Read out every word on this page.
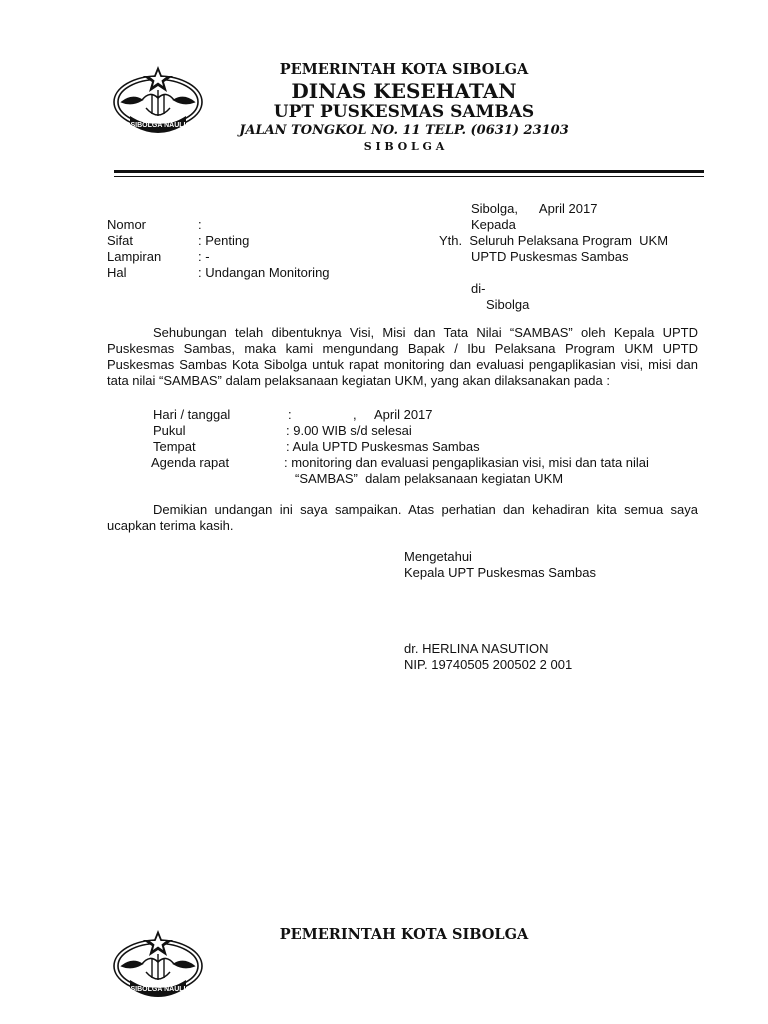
SIBOLGA NAULI
PEMERINTAH KOTA SIBOLGA
DINAS KESEHATAN
UPT PUSKESMAS SAMBAS
JALAN TONGKOL NO. 11 TELP. (0631) 23103
S I B O L G A
Sibolga,      April 2017
Kepada
Yth.  Seluruh Pelaksana Program  UKM
UPTD Puskesmas Sambas
di-
Sibolga
Nomor	:
Sifat	: Penting
Lampiran	: -
Hal	: Undangan Monitoring
Sehubungan telah dibentuknya Visi, Misi dan Tata Nilai “SAMBAS” oleh Kepala UPTD Puskesmas Sambas, maka kami mengundang Bapak / Ibu Pelaksana Program UKM UPTD Puskesmas Sambas Kota Sibolga untuk rapat monitoring dan evaluasi pengaplikasian visi, misi dan tata nilai “SAMBAS” dalam pelaksanaan kegiatan UKM, yang akan dilaksanakan pada :
Hari / tanggal	:                 ,     April 2017
Pukul	: 9.00 WIB s/d selesai
Tempat	: Aula UPTD Puskesmas Sambas
Agenda rapat	: monitoring dan evaluasi pengaplikasian visi, misi dan tata nilai
“SAMBAS”  dalam pelaksanaan kegiatan UKM
Demikian undangan ini saya sampaikan. Atas perhatian dan kehadiran kita semua saya ucapkan terima kasih.
Mengetahui
Kepala UPT Puskesmas Sambas
dr. HERLINA NASUTION
NIP. 19740505 200502 2 001
SIBOLGA NAULI
PEMERINTAH KOTA SIBOLGA
